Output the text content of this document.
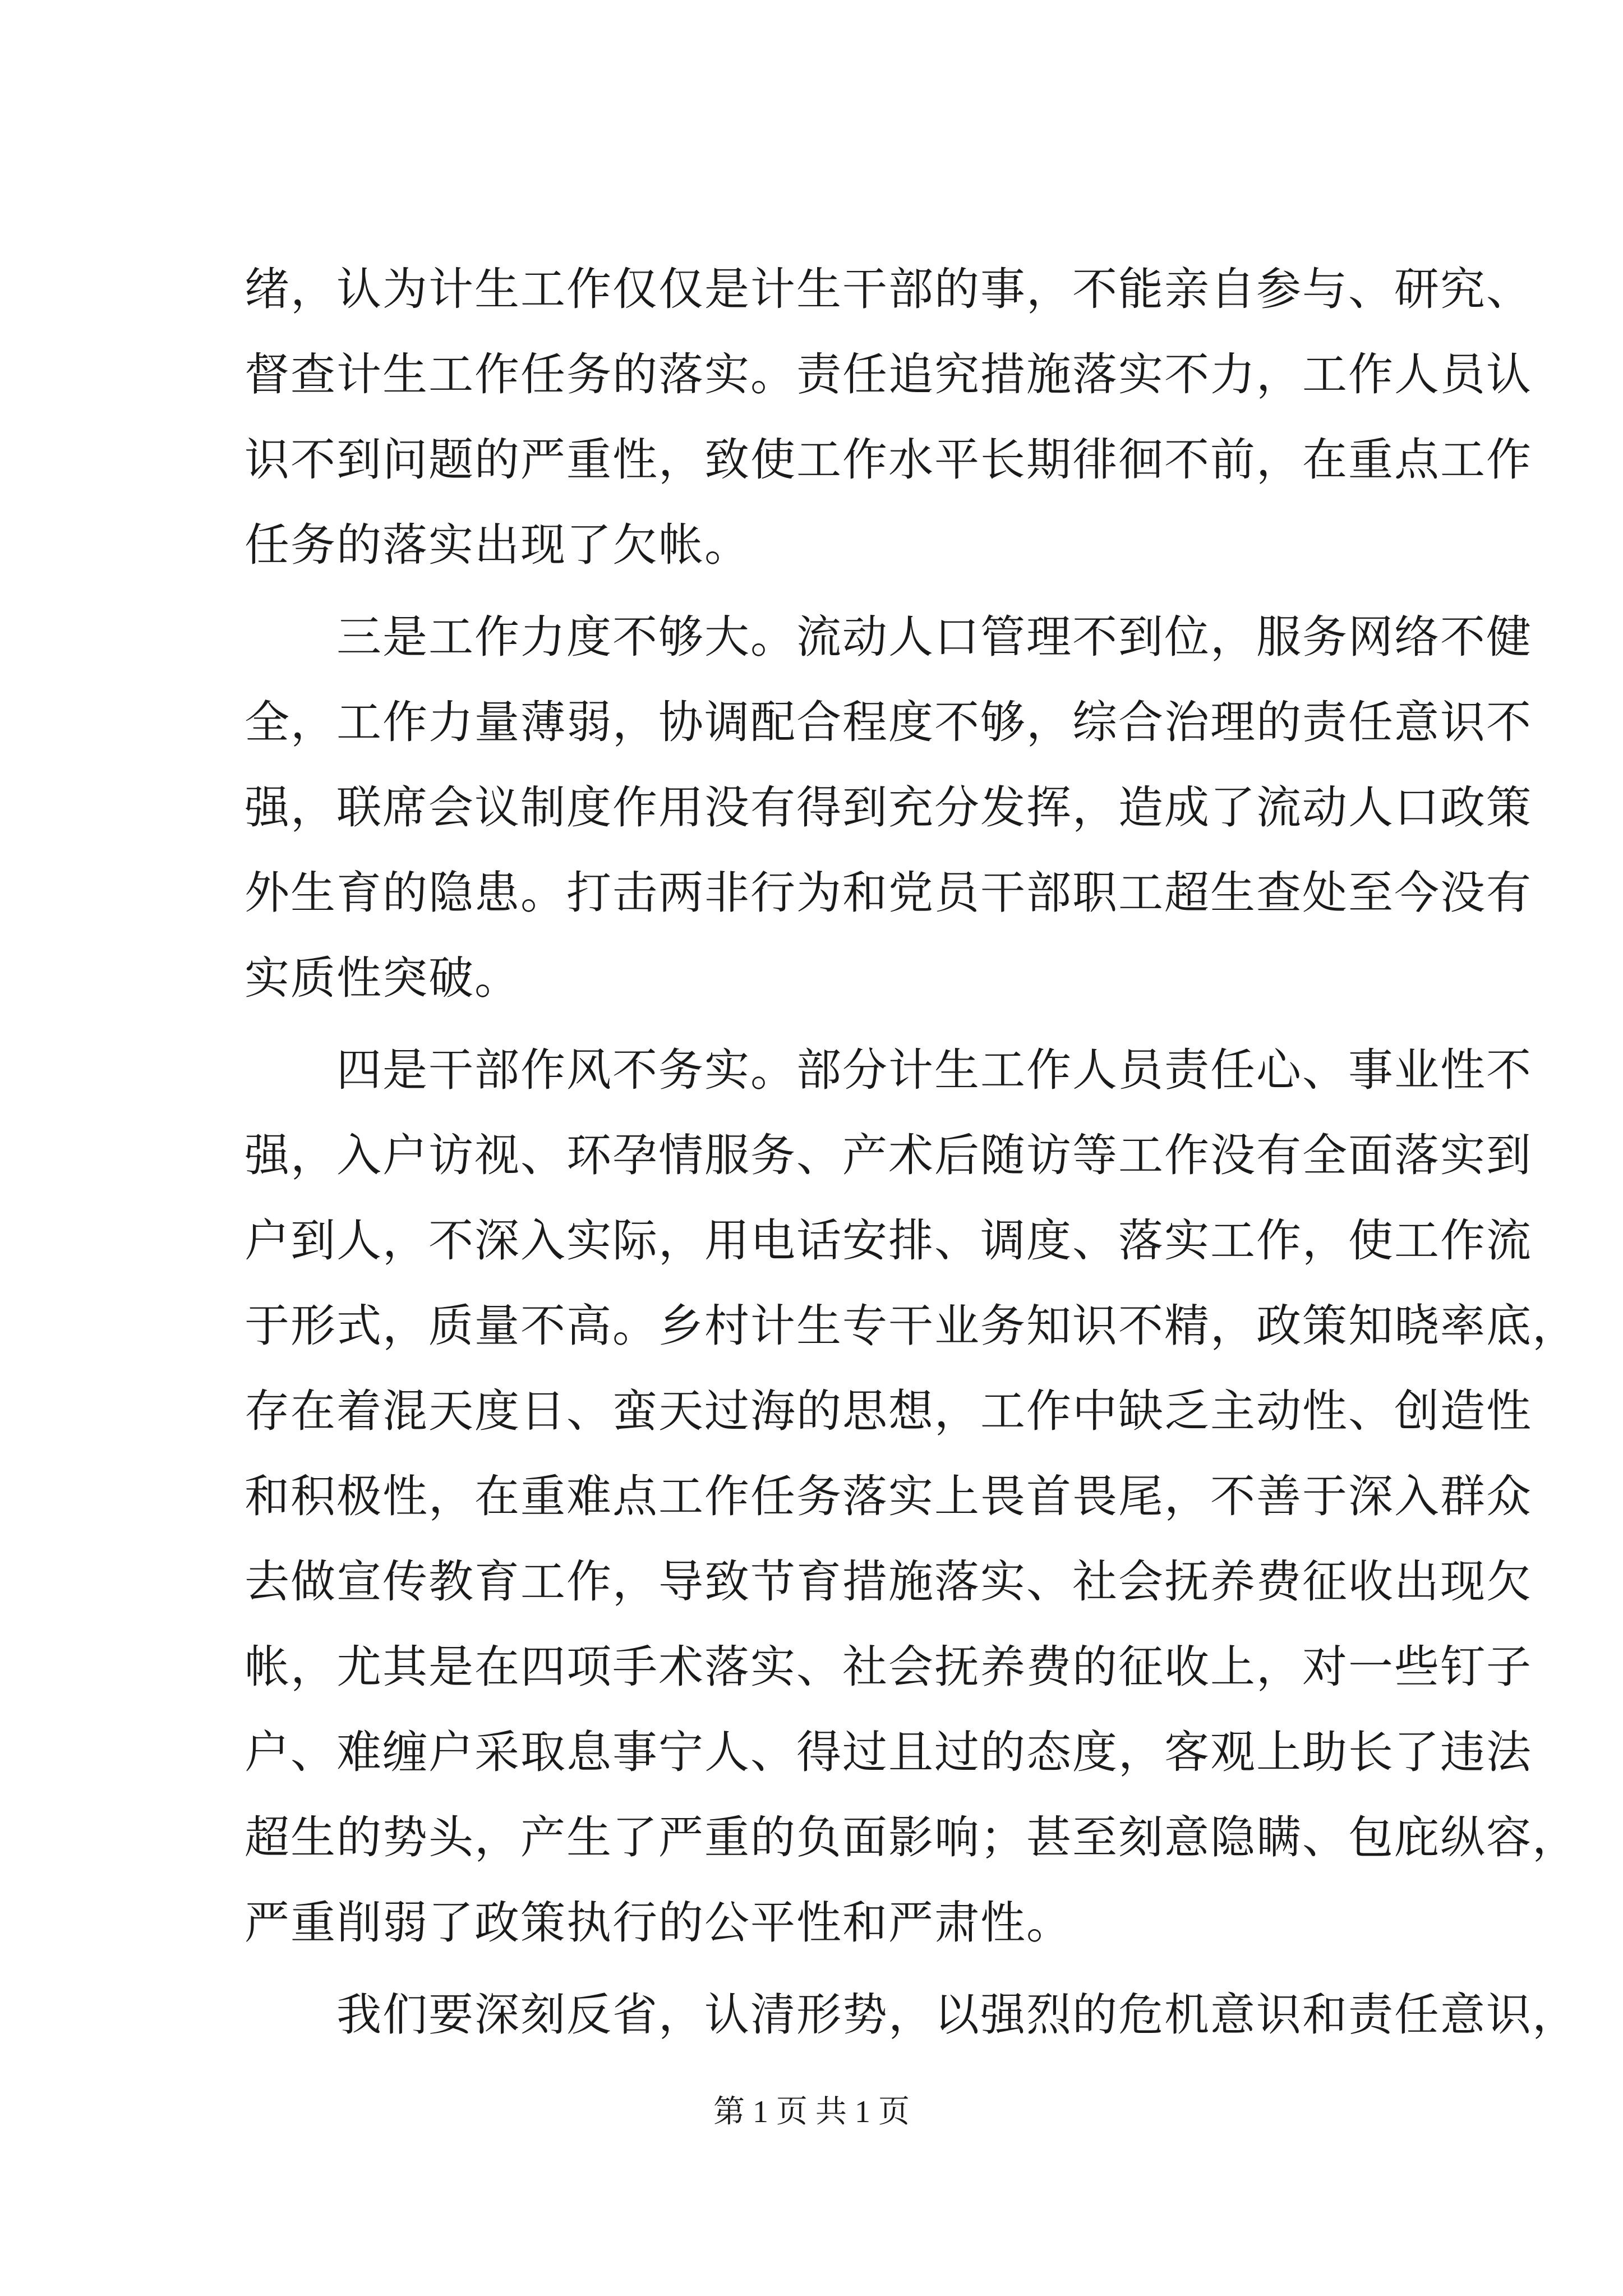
绪，认为计生工作仅仅是计生干部的事，不能亲自参与、研究、
督查计生工作任务的落实。责任追究措施落实不力，工作人员认
识不到问题的严重性，致使工作水平长期徘徊不前，在重点工作
任务的落实出现了欠帐。
　　三是工作力度不够大。流动人口管理不到位，服务网络不健
全，工作力量薄弱，协调配合程度不够，综合治理的责任意识不
强，联席会议制度作用没有得到充分发挥，造成了流动人口政策
外生育的隐患。打击两非行为和党员干部职工超生查处至今没有
实质性突破。
　　四是干部作风不务实。部分计生工作人员责任心、事业性不
强，入户访视、环孕情服务、产术后随访等工作没有全面落实到
户到人，不深入实际，用电话安排、调度、落实工作，使工作流
于形式，质量不高。乡村计生专干业务知识不精，政策知晓率底，
存在着混天度日、蛮天过海的思想，工作中缺乏主动性、创造性
和积极性，在重难点工作任务落实上畏首畏尾，不善于深入群众
去做宣传教育工作，导致节育措施落实、社会抚养费征收出现欠
帐，尤其是在四项手术落实、社会抚养费的征收上，对一些钉子
户、难缠户采取息事宁人、得过且过的态度，客观上助长了违法
超生的势头，产生了严重的负面影响；甚至刻意隐瞒、包庇纵容，
严重削弱了政策执行的公平性和严肃性。
　　我们要深刻反省，认清形势，以强烈的危机意识和责任意识，
第 1 页 共 1 页
